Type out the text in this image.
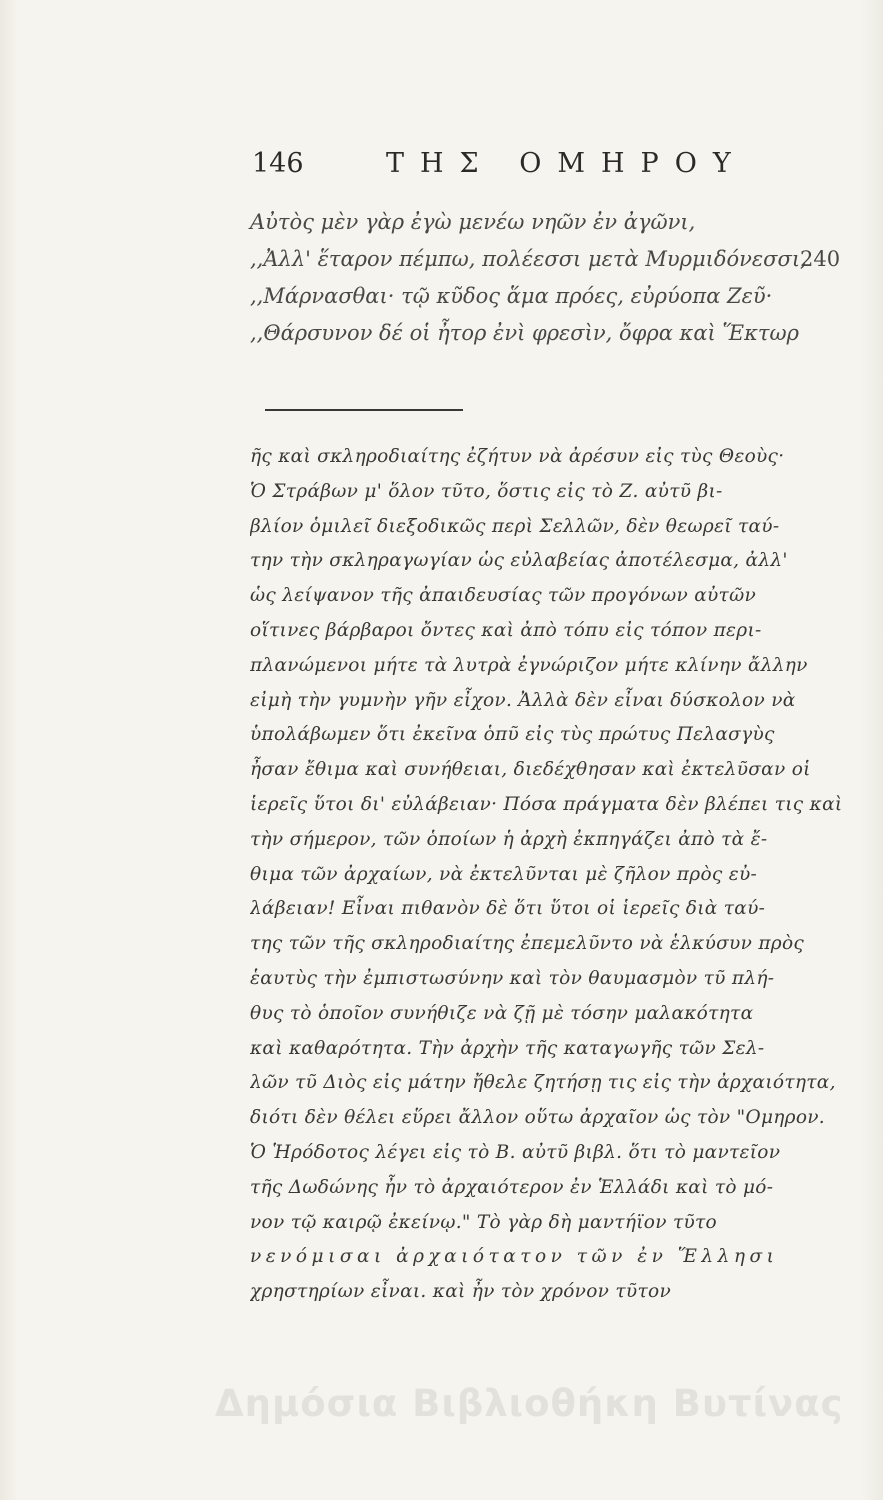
146	ΤΗΣ ΟΜΗΡΟΥ
Αὐτὸς μὲν γὰρ ἐγὼ μενέω νηῶν ἐν ἀγῶνι,
,,Ἀλλ' ἕταρον πέμπω, πολέεσσι μετὰ Μυρμιδόνεσσι,
240
,,Μάρνασθαι· τῷ κῦδος ἅμα πρόες, εὐρύοπα Ζεῦ·
,,Θάρσυνον δέ οἱ ἦτορ ἐνὶ φρεσὶν, ὄφρα καὶ Ἕκτωρ
ῆς καὶ σκληροδιαίτης ἐζήτυν νὰ ἀρέσυν εἰς τὺς Θεοὺς·
Ὁ Στράβων μ' ὅλον τῦτο, ὅστις εἰς τὸ Ζ. αὐτῦ βι-
βλίον ὁμιλεῖ διεξοδικῶς περὶ Σελλῶν, δὲν θεωρεῖ ταύ-
την τὴν σκληραγωγίαν ὡς εὐλαβείας ἀποτέλεσμα, ἀλλ'
ὡς λείψανον τῆς ἀπαιδευσίας τῶν προγόνων αὐτῶν
οἵτινες βάρβαροι ὄντες καὶ ἀπὸ τόπυ εἰς τόπον περι-
πλανώμενοι μήτε τὰ λυτρὰ ἐγνώριζον μήτε κλίνην ἄλλην
εἰμὴ τὴν γυμνὴν γῆν εἶχον. Ἀλλὰ δὲν εἶναι δύσκολον νὰ
ὑπολάβωμεν ὅτι ἐκεῖνα ὁπῦ εἰς τὺς πρώτυς Πελασγὺς
ἦσαν ἔθιμα καὶ συνήθειαι, διεδέχθησαν καὶ ἐκτελῦσαν οἱ
ἱερεῖς ὕτοι δι' εὐλάβειαν· Πόσα πράγματα δὲν βλέπει τις καὶ
τὴν σήμερον, τῶν ὁποίων ἡ ἀρχὴ ἐκπηγάζει ἀπὸ τὰ ἔ-
θιμα τῶν ἀρχαίων, νὰ ἐκτελῦνται μὲ ζῆλον πρὸς εὐ-
λάβειαν! Εἶναι πιθανὸν δὲ ὅτι ὕτοι οἱ ἱερεῖς διὰ ταύ-
της τῶν τῆς σκληροδιαίτης ἐπεμελῦντο νὰ ἑλκύσυν πρὸς
ἑαυτὺς τὴν ἐμπιστωσύνην καὶ τὸν θαυμασμὸν τῦ πλή-
θυς τὸ ὁποῖον συνήθιζε νὰ ζῇ μὲ τόσην μαλακότητα
καὶ καθαρότητα. Τὴν ἀρχὴν τῆς καταγωγῆς τῶν Σελ-
λῶν τῦ Διὸς εἰς μάτην ἤθελε ζητήσῃ τις εἰς τὴν ἀρχαιότητα,
διότι δὲν θέλει εὕρει ἄλλον οὕτω ἀρχαῖον ὡς τὸν "Ομηρον.
Ὁ Ἡρόδοτος λέγει εἰς τὸ Β. αὐτῦ βιβλ. ὅτι τὸ μαντεῖον
τῆς Δωδώνης ἦν τὸ ἀρχαιότερον ἐν Ἑλλάδι καὶ τὸ μό-
νον τῷ καιρῷ ἐκείνῳ." Τὸ γὰρ δὴ μαντήϊον τῦτο
νενόμισαι ἀρχαιότατον τῶν ἐν Ἕλλησι
χρηστηρίων εἶναι. καὶ ἦν τὸν χρόνον τῦτον
Δημόσια Βιβλιοθήκη Βυτίνας
